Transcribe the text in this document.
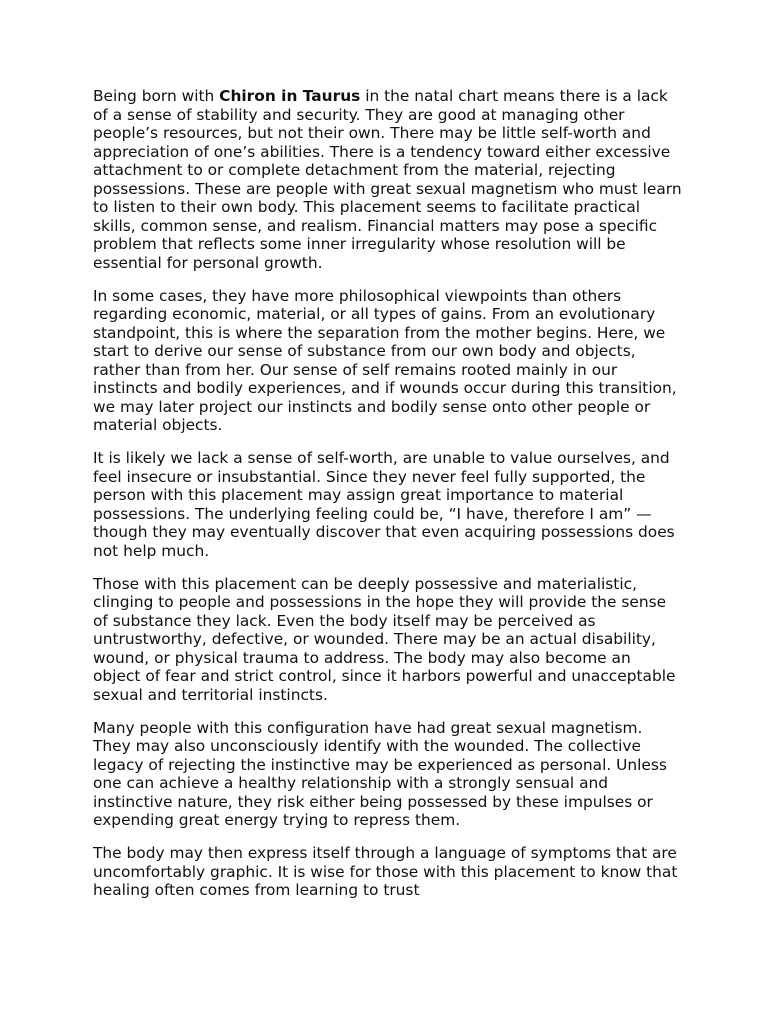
Being born with Chiron in Taurus in the natal chart means there is a lack of a sense of stability and security. They are good at managing other people’s resources, but not their own. There may be little self-worth and appreciation of one’s abilities. There is a tendency toward either excessive attachment to or complete detachment from the material, rejecting possessions. These are people with great sexual magnetism who must learn to listen to their own body. This placement seems to facilitate practical skills, common sense, and realism. Financial matters may pose a specific problem that reflects some inner irregularity whose resolution will be essential for personal growth.

In some cases, they have more philosophical viewpoints than others regarding economic, material, or all types of gains. From an evolutionary standpoint, this is where the separation from the mother begins. Here, we start to derive our sense of substance from our own body and objects, rather than from her. Our sense of self remains rooted mainly in our instincts and bodily experiences, and if wounds occur during this transition, we may later project our instincts and bodily sense onto other people or material objects.

It is likely we lack a sense of self-worth, are unable to value ourselves, and feel insecure or insubstantial. Since they never feel fully supported, the person with this placement may assign great importance to material possessions. The underlying feeling could be, “I have, therefore I am” — though they may eventually discover that even acquiring possessions does not help much.

Those with this placement can be deeply possessive and materialistic, clinging to people and possessions in the hope they will provide the sense of substance they lack. Even the body itself may be perceived as untrustworthy, defective, or wounded. There may be an actual disability, wound, or physical trauma to address. The body may also become an object of fear and strict control, since it harbors powerful and unacceptable sexual and territorial instincts.

Many people with this configuration have had great sexual magnetism. They may also unconsciously identify with the wounded. The collective legacy of rejecting the instinctive may be experienced as personal. Unless one can achieve a healthy relationship with a strongly sensual and instinctive nature, they risk either being possessed by these impulses or expending great energy trying to repress them.

The body may then express itself through a language of symptoms that are uncomfortably graphic. It is wise for those with this placement to know that healing often comes from learning to trust
